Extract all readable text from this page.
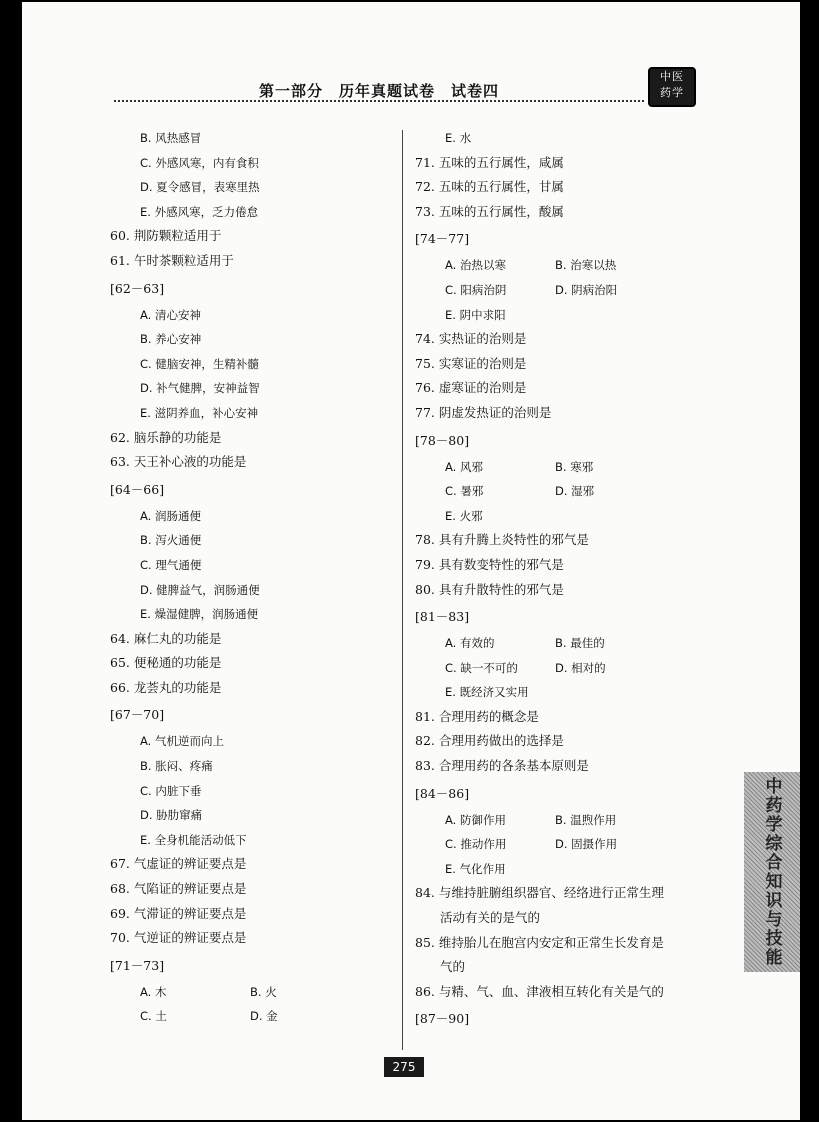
第一部分　历年真题试卷　试卷四
中医
药学
B. 风热感冒
C. 外感风寒，内有食积
D. 夏令感冒，表寒里热
E. 外感风寒，乏力倦怠
60. 荆防颗粒适用于
61. 午时茶颗粒适用于
[62－63]
A. 清心安神
B. 养心安神
C. 健脑安神，生精补髓
D. 补气健脾，安神益智
E. 滋阴养血，补心安神
62. 脑乐静的功能是
63. 天王补心液的功能是
[64－66]
A. 润肠通便
B. 泻火通便
C. 理气通便
D. 健脾益气，润肠通便
E. 燥湿健脾，润肠通便
64. 麻仁丸的功能是
65. 便秘通的功能是
66. 龙荟丸的功能是
[67－70]
A. 气机逆而向上
B. 胀闷、疼痛
C. 内脏下垂
D. 胁肋窜痛
E. 全身机能活动低下
67. 气虚证的辨证要点是
68. 气陷证的辨证要点是
69. 气滞证的辨证要点是
70. 气逆证的辨证要点是
[71－73]
A. 木	B. 火
C. 土	D. 金
E. 水
71. 五味的五行属性，咸属
72. 五味的五行属性，甘属
73. 五味的五行属性，酸属
[74－77]
A. 治热以寒	B. 治寒以热
C. 阳病治阴	D. 阴病治阳
E. 阴中求阳
74. 实热证的治则是
75. 实寒证的治则是
76. 虚寒证的治则是
77. 阴虚发热证的治则是
[78－80]
A. 风邪	B. 寒邪
C. 暑邪	D. 湿邪
E. 火邪
78. 具有升腾上炎特性的邪气是
79. 具有数变特性的邪气是
80. 具有升散特性的邪气是
[81－83]
A. 有效的	B. 最佳的
C. 缺一不可的	D. 相对的
E. 既经济又实用
81. 合理用药的概念是
82. 合理用药做出的选择是
83. 合理用药的各条基本原则是
[84－86]
A. 防御作用	B. 温煦作用
C. 推动作用	D. 固摄作用
E. 气化作用
84. 与维持脏腑组织器官、经络进行正常生理
　　活动有关的是气的
85. 维持胎儿在胞宫内安定和正常生长发育是
　　气的
86. 与精、气、血、津液相互转化有关是气的
[87－90]
中药学综合知识与技能
275
